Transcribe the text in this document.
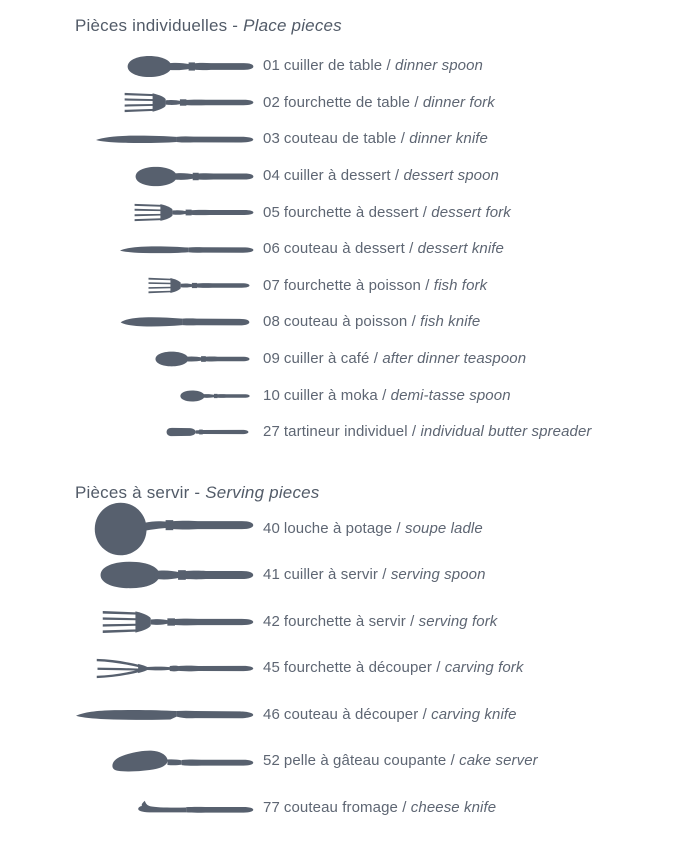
Pièces individuelles - Place pieces
01 cuiller de table / dinner spoon
02 fourchette de table / dinner fork
03 couteau de table / dinner knife
04 cuiller à dessert / dessert spoon
05 fourchette à dessert / dessert fork
06 couteau à dessert / dessert knife
07 fourchette à poisson / fish fork
08 couteau à poisson / fish knife
09 cuiller à café / after dinner teaspoon
10 cuiller à moka / demi-tasse spoon
27 tartineur individuel / individual butter spreader
Pièces à servir - Serving pieces
40 louche à potage / soupe ladle
41 cuiller à servir / serving spoon
42 fourchette à servir / serving fork
45 fourchette à découper / carving fork
46 couteau à découper / carving knife
52 pelle à gâteau coupante / cake server
77 couteau fromage / cheese knife
